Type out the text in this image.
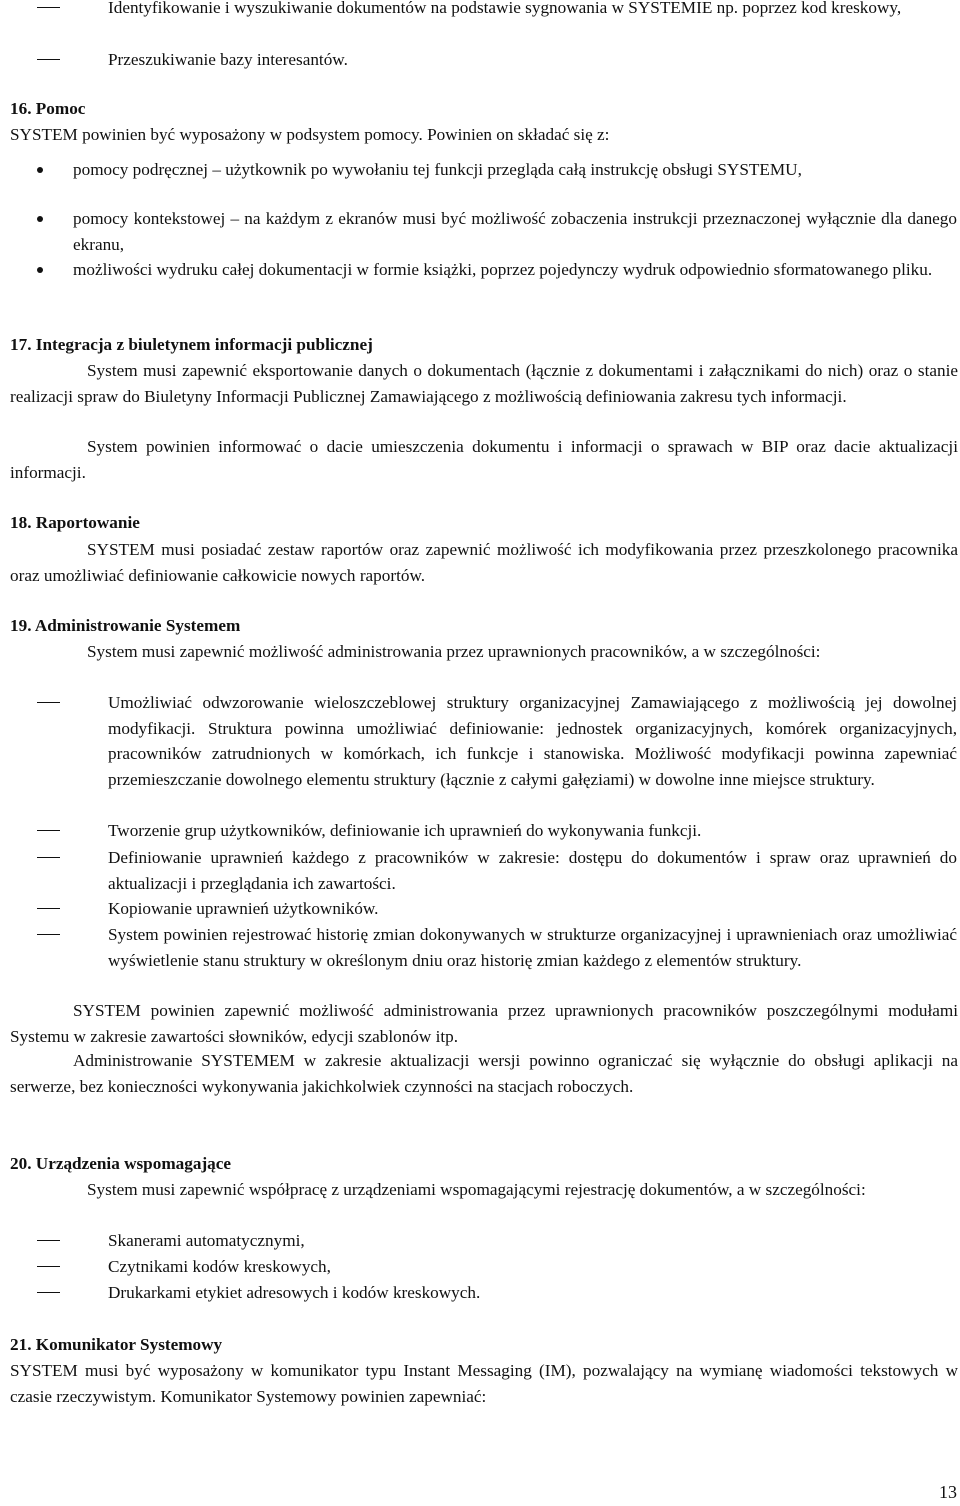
Identyfikowanie i wyszukiwanie dokumentów na podstawie sygnowania w SYSTEMIE np. poprzez kod kreskowy,
Przeszukiwanie bazy interesantów.
16. Pomoc

SYSTEM powinien być wyposażony w podsystem pomocy. Powinien on składać się z:

pomocy podręcznej – użytkownik po wywołaniu tej funkcji przegląda całą instrukcję obsługi SYSTEMU,
pomocy kontekstowej – na każdym z ekranów musi być możliwość zobaczenia instrukcji przeznaczonej wyłącznie dla danego ekranu,
możliwości wydruku całej dokumentacji w formie książki, poprzez pojedynczy wydruk odpowiednio sformatowanego pliku.
17. Integracja z biuletynem informacji publicznej

System musi zapewnić eksportowanie danych o dokumentach (łącznie z dokumentami i załącznikami do nich) oraz o stanie realizacji spraw do Biuletyny Informacji Publicznej Zamawiającego z możliwością definiowania zakresu tych informacji.

System powinien informować o dacie umieszczenia dokumentu i informacji o sprawach w BIP oraz dacie aktualizacji informacji.

18. Raportowanie

SYSTEM musi posiadać zestaw raportów oraz zapewnić możliwość ich modyfikowania przez przeszkolonego pracownika oraz umożliwiać definiowanie całkowicie nowych raportów.

19. Administrowanie Systemem

System musi zapewnić możliwość administrowania przez uprawnionych pracowników, a w szczególności:

Umożliwiać odwzorowanie wieloszczeblowej struktury organizacyjnej Zamawiającego z możliwością jej dowolnej modyfikacji. Struktura powinna umożliwiać definiowanie: jednostek organizacyjnych, komórek organizacyjnych, pracowników zatrudnionych w komórkach, ich funkcje i stanowiska. Możliwość modyfikacji powinna zapewniać przemieszczanie dowolnego elementu struktury (łącznie z całymi gałęziami) w dowolne inne miejsce struktury.
Tworzenie grup użytkowników, definiowanie ich uprawnień do wykonywania funkcji.
Definiowanie uprawnień każdego z pracowników w zakresie: dostępu do dokumentów i spraw oraz uprawnień do aktualizacji i przeglądania ich zawartości.
Kopiowanie uprawnień użytkowników.
System powinien rejestrować historię zmian dokonywanych w strukturze organizacyjnej i uprawnieniach oraz umożliwiać wyświetlenie stanu struktury w określonym dniu oraz historię zmian każdego z elementów struktury.

SYSTEM powinien zapewnić możliwość administrowania przez uprawnionych pracowników poszczególnymi modułami Systemu w zakresie zawartości słowników, edycji szablonów itp.

Administrowanie SYSTEMEM w zakresie aktualizacji wersji powinno ograniczać się wyłącznie do obsługi aplikacji na serwerze, bez konieczności wykonywania jakichkolwiek czynności na stacjach roboczych.

20. Urządzenia wspomagające

System musi zapewnić współpracę z urządzeniami wspomagającymi rejestrację dokumentów, a w szczególności:

Skanerami automatycznymi,
Czytnikami kodów kreskowych,
Drukarkami etykiet adresowych i kodów kreskowych.
21. Komunikator Systemowy

SYSTEM musi być wyposażony w komunikator typu Instant Messaging (IM), pozwalający na wymianę wiadomości tekstowych w czasie rzeczywistym. Komunikator Systemowy powinien zapewniać:

13
